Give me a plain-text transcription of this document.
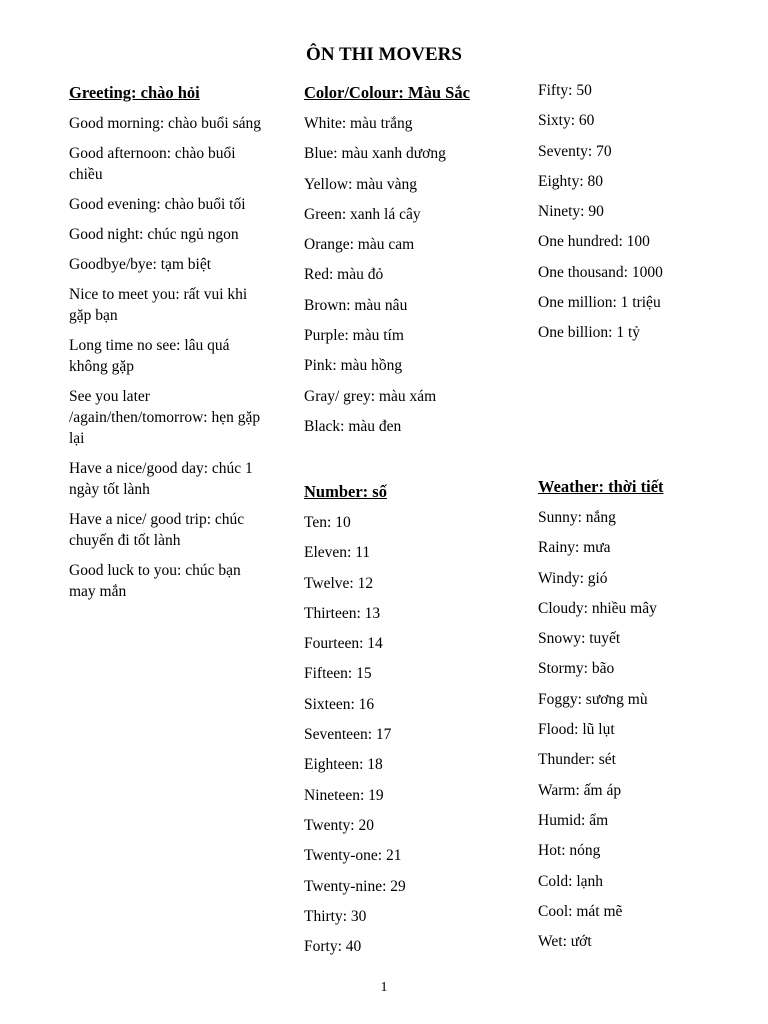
ÔN THI MOVERS
Greeting: chào hỏi
Good morning: chào buổi sáng
Good afternoon: chào buổi chiều
Good evening: chào buổi tối
Good night: chúc ngủ ngon
Goodbye/bye: tạm biệt
Nice to meet you: rất vui khi gặp bạn
Long time no see: lâu quá không gặp
See you later /again/then/tomorrow: hẹn gặp lại
Have a nice/good day: chúc 1 ngày tốt lành
Have a nice/ good trip: chúc chuyến đi tốt lành
Good luck to you: chúc bạn may mắn
Color/Colour: Màu Sắc
White: màu trắng
Blue: màu xanh dương
Yellow: màu vàng
Green: xanh lá cây
Orange: màu cam
Red: màu đỏ
Brown: màu nâu
Purple: màu tím
Pink: màu hồng
Gray/ grey: màu xám
Black: màu đen
Number: số
Ten: 10
Eleven: 11
Twelve: 12
Thirteen: 13
Fourteen: 14
Fifteen: 15
Sixteen: 16
Seventeen: 17
Eighteen: 18
Nineteen: 19
Twenty: 20
Twenty-one: 21
Twenty-nine: 29
Thirty: 30
Forty: 40
Fifty: 50
Sixty: 60
Seventy: 70
Eighty: 80
Ninety: 90
One hundred: 100
One thousand: 1000
One million: 1 triệu
One billion: 1 tỷ
Weather: thời tiết
Sunny: nắng
Rainy: mưa
Windy: gió
Cloudy: nhiều mây
Snowy: tuyết
Stormy: bão
Foggy: sương mù
Flood: lũ lụt
Thunder: sét
Warm: ấm áp
Humid: ẩm
Hot: nóng
Cold: lạnh
Cool: mát mẽ
Wet: ướt
1
